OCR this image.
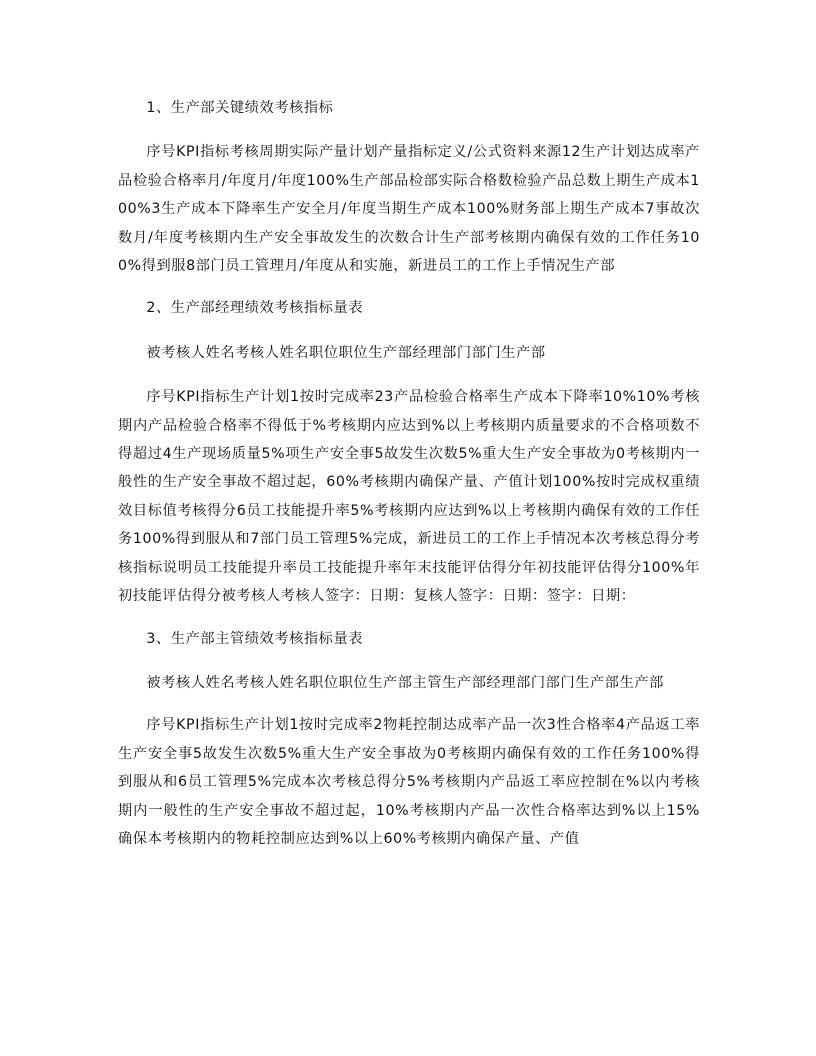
1、生产部关键绩效考核指标

序号KPI指标考核周期实际产量计划产量指标定义/公式资料来源12生产计划达成率产品检验合格率月/年度月/年度100%生产部品检部实际合格数检验产品总数上期生产成本100%3生产成本下降率生产安全月/年度当期生产成本100%财务部上期生产成本7事故次数月/年度考核期内生产安全事故发生的次数合计生产部考核期内确保有效的工作任务100%得到服8部门员工管理月/年度从和实施，新进员工的工作上手情况生产部

2、生产部经理绩效考核指标量表

被考核人姓名考核人姓名职位职位生产部经理部门部门生产部

序号KPI指标生产计划1按时完成率23产品检验合格率生产成本下降率10%10%考核期内产品检验合格率不得低于%考核期内应达到%以上考核期内质量要求的不合格项数不得超过4生产现场质量5%项生产安全事5故发生次数5%重大生产安全事故为0考核期内一般性的生产安全事故不超过起，60%考核期内确保产量、产值计划100%按时完成权重绩效目标值考核得分6员工技能提升率5%考核期内应达到%以上考核期内确保有效的工作任务100%得到服从和7部门员工管理5%完成，新进员工的工作上手情况本次考核总得分考核指标说明员工技能提升率员工技能提升率年末技能评估得分年初技能评估得分100%年初技能评估得分被考核人考核人签字：日期：复核人签字：日期：签字：日期：

3、生产部主管绩效考核指标量表

被考核人姓名考核人姓名职位职位生产部主管生产部经理部门部门生产部生产部

序号KPI指标生产计划1按时完成率2物耗控制达成率产品一次3性合格率4产品返工率生产安全事5故发生次数5%重大生产安全事故为0考核期内确保有效的工作任务100%得到服从和6员工管理5%完成本次考核总得分5%考核期内产品返工率应控制在%以内考核期内一般性的生产安全事故不超过起，10%考核期内产品一次性合格率达到%以上15%确保本考核期内的物耗控制应达到%以上60%考核期内确保产量、产值
